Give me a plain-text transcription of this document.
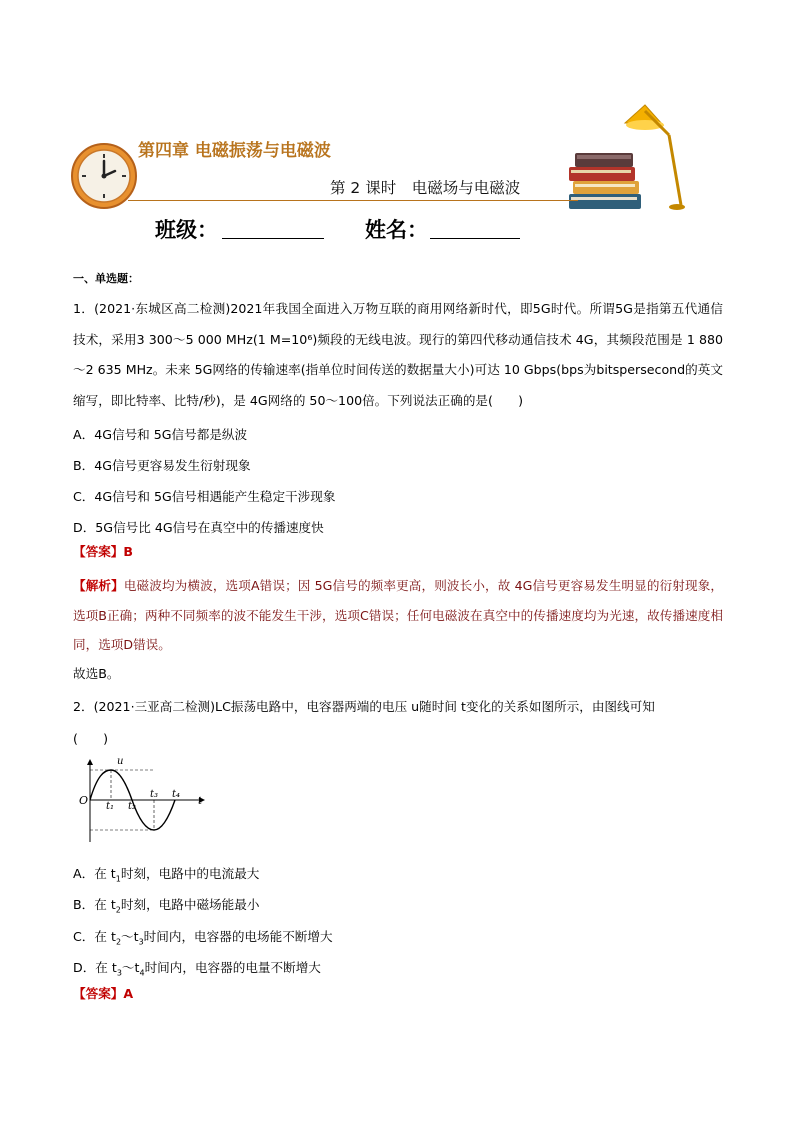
第四章 电磁振荡与电磁波
第 2 课时　电磁场与电磁波
班级：	姓名：
一、单选题：
1．(2021·东城区高二检测)2021年我国全面进入万物互联的商用网络新时代，即5G时代。所谓5G是指第五代通信技术，采用3 300～5 000 MHz(1 M=10⁶)频段的无线电波。现行的第四代移动通信技术 4G，其频段范围是 1 880～2 635 MHz。未来 5G网络的传输速率(指单位时间传送的数据量大小)可达 10 Gbps(bps为bitspersecond的英文缩写，即比特率、比特/秒)，是 4G网络的 50～100倍。下列说法正确的是(　　)
A．4G信号和 5G信号都是纵波
B．4G信号更容易发生衍射现象
C．4G信号和 5G信号相遇能产生稳定干涉现象
D．5G信号比 4G信号在真空中的传播速度快
【答案】B
【解析】电磁波均为横波，选项A错误；因 5G信号的频率更高，则波长小，故 4G信号更容易发生明显的衍射现象，选项B正确；两种不同频率的波不能发生干涉，选项C错误；任何电磁波在真空中的传播速度均为光速，故传播速度相同，选项D错误。
故选B。
2．(2021·三亚高二检测)LC振荡电路中，电容器两端的电压 u随时间 t变化的关系如图所示，由图线可知
(　　)
u
O	t
t₁ t₂
t₃ t₄
A．在 $t_1$时刻，电路中的电流最大
B．在 $t_2$时刻，电路中磁场能最小
C．在 $t_2\sim t_3$时间内，电容器的电场能不断增大
D．在 $t_3\sim t_4$时间内，电容器的电量不断增大
【答案】A
